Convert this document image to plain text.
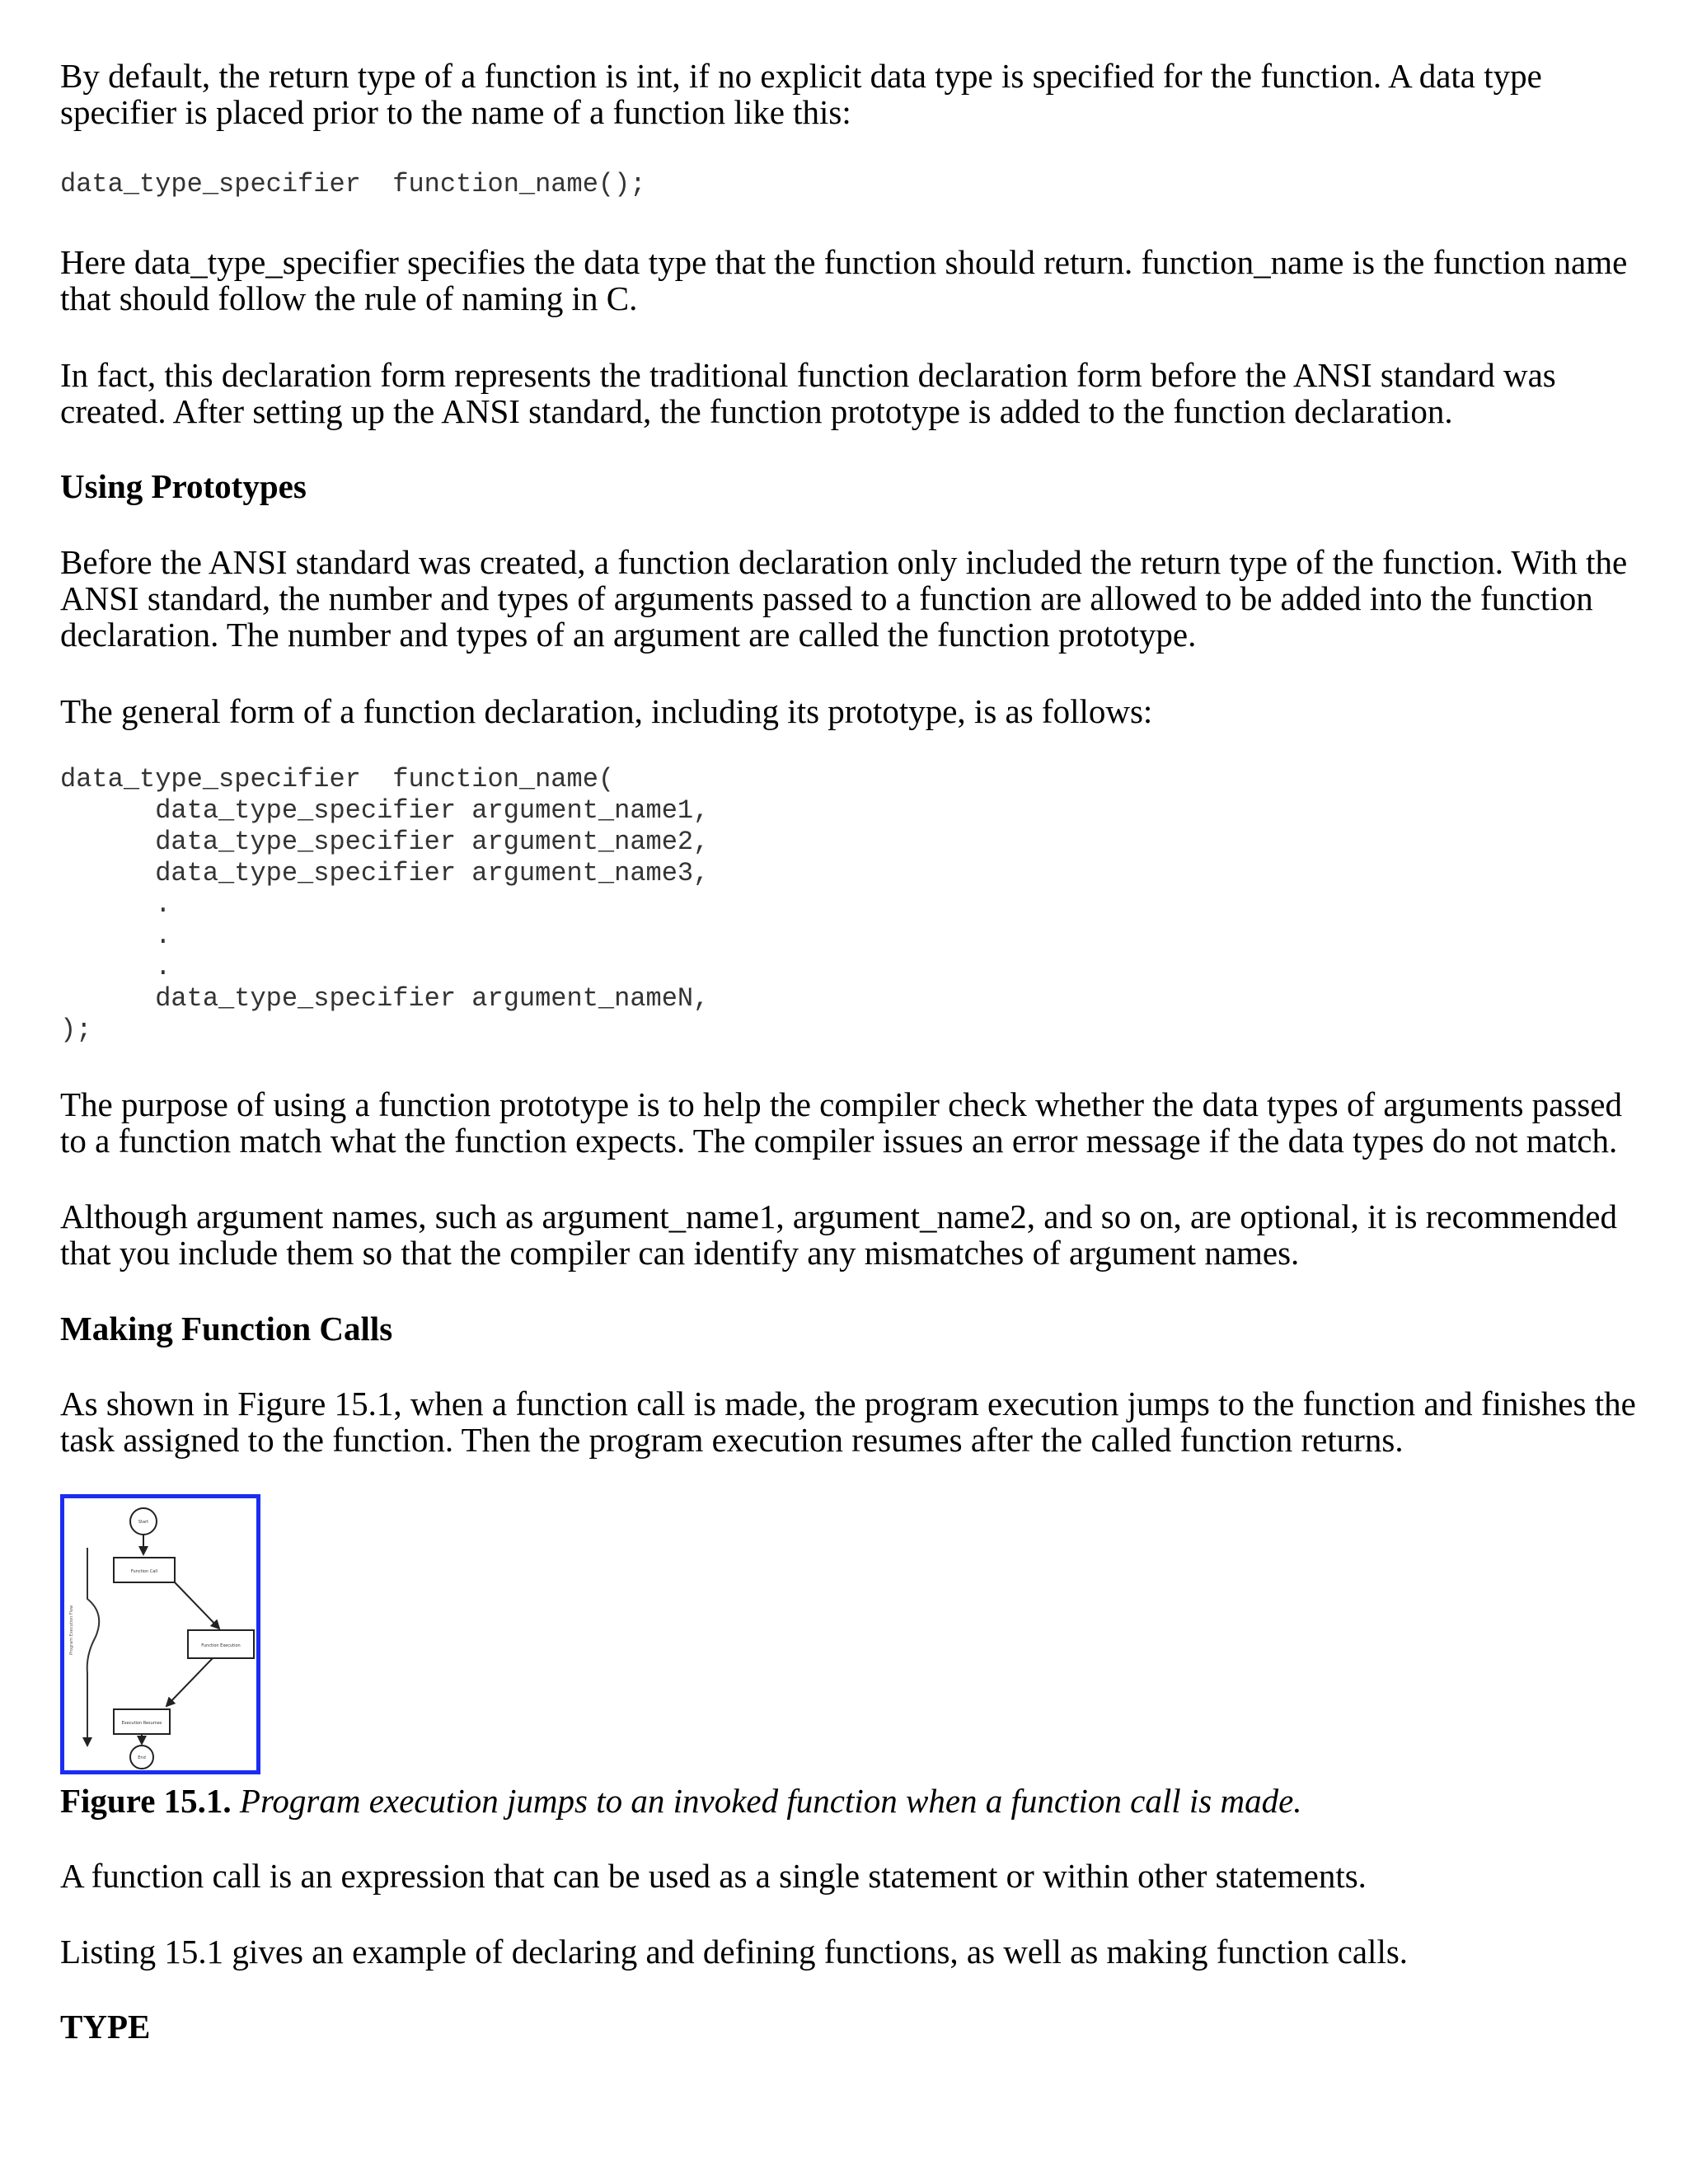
By default, the return type of a function is int, if no explicit data type is specified for the function. A data type specifier is placed prior to the name of a function like this:

data_type_specifier  function_name();

Here data_type_specifier specifies the data type that the function should return. function_name is the function name that should follow the rule of naming in C.

In fact, this declaration form represents the traditional function declaration form before the ANSI standard was created. After setting up the ANSI standard, the function prototype is added to the function declaration.

Using Prototypes

Before the ANSI standard was created, a function declaration only included the return type of the function. With the ANSI standard, the number and types of arguments passed to a function are allowed to be added into the function declaration. The number and types of an argument are called the function prototype.

The general form of a function declaration, including its prototype, is as follows:

data_type_specifier  function_name(
data_type_specifier argument_name1,
data_type_specifier argument_name2,
data_type_specifier argument_name3,
.
.
.
data_type_specifier argument_nameN,
);

The purpose of using a function prototype is to help the compiler check whether the data types of arguments passed to a function match what the function expects. The compiler issues an error message if the data types do not match.

Although argument names, such as argument_name1, argument_name2, and so on, are optional, it is recommended that you include them so that the compiler can identify any mismatches of argument names.

Making Function Calls

As shown in Figure 15.1, when a function call is made, the program execution jumps to the function and finishes the task assigned to the function. Then the program execution resumes after the called function returns.

Program Execution Flow
Start
Function Call
Function Execution
Execution Resumes
End
Figure 15.1. Program execution jumps to an invoked function when a function call is made.

A function call is an expression that can be used as a single statement or within other statements.

Listing 15.1 gives an example of declaring and defining functions, as well as making function calls.

TYPE
